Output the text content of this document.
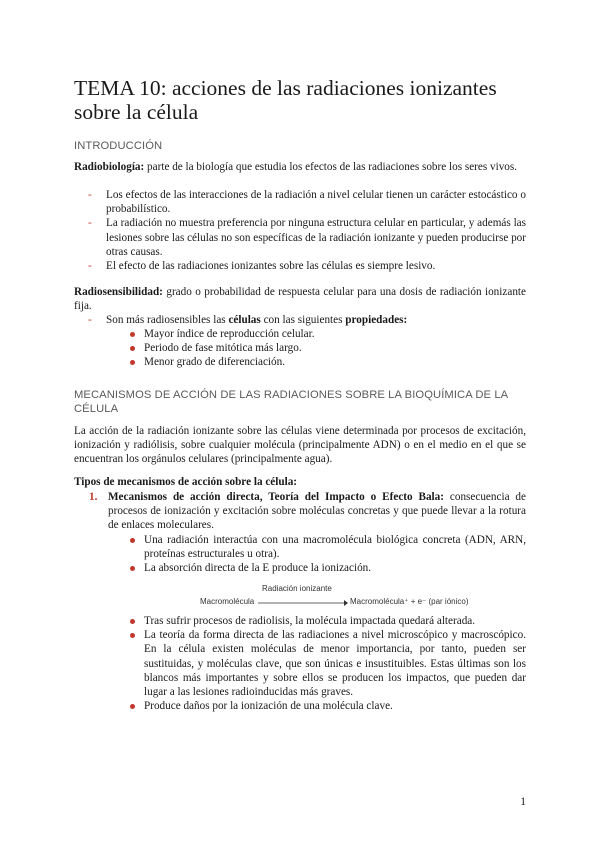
TEMA 10: acciones de las radiaciones ionizantes sobre la célula
INTRODUCCIÓN
Radiobiología: parte de la biología que estudia los efectos de las radiaciones sobre los seres vivos.
- Los efectos de las interacciones de la radiación a nivel celular tienen un carácter estocástico o probabilístico.
- La radiación no muestra preferencia por ninguna estructura celular en particular, y además las lesiones sobre las células no son específicas de la radiación ionizante y pueden producirse por otras causas.
- El efecto de las radiaciones ionizantes sobre las células es siempre lesivo.
Radiosensibilidad: grado o probabilidad de respuesta celular para una dosis de radiación ionizante fija.
- Son más radiosensibles las células con las siguientes propiedades:
Mayor índice de reproducción celular.
Periodo de fase mitótica más largo.
Menor grado de diferenciación.
MECANISMOS DE ACCIÓN DE LAS RADIACIONES SOBRE LA BIOQUÍMICA DE LA CÉLULA
La acción de la radiación ionizante sobre las células viene determinada por procesos de excitación, ionización y radiólisis, sobre cualquier molécula (principalmente ADN) o en el medio en el que se encuentran los orgánulos celulares (principalmente agua).
Tipos de mecanismos de acción sobre la célula:
1. Mecanismos de acción directa, Teoría del Impacto o Efecto Bala: consecuencia de procesos de ionización y excitación sobre moléculas concretas y que puede llevar a la rotura de enlaces moleculares.
Una radiación interactúa con una macromolécula biológica concreta (ADN, ARN, proteínas estructurales u otra).
La absorción directa de la E produce la ionización.
Radiación ionizante
Macromolécula	Macromolécula⁺ + e⁻ (par iónico)
Tras sufrir procesos de radiolisis, la molécula impactada quedará alterada.
La teoría da forma directa de las radiaciones a nivel microscópico y macroscópico. En la célula existen moléculas de menor importancia, por tanto, pueden ser sustituidas, y moléculas clave, que son únicas e insustituibles. Estas últimas son los blancos más importantes y sobre ellos se producen los impactos, que pueden dar lugar a las lesiones radioinducidas más graves.
Produce daños por la ionización de una molécula clave.
1
